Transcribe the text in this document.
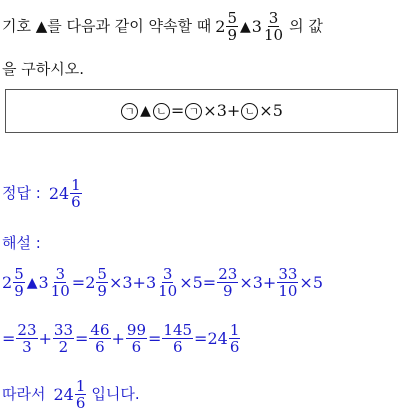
기호 ▲를 다음과 같이 약속할 때 $2 \frac{5}{9}$ ▲ $3 \frac{3}{10}$ 의 값
을 구하시오.
ㄱ ▲ ㄴ = ㄱ × 3 + ㄴ × 5
정답 : $24 \frac{1}{6}$
해설 :
$2 \frac{5}{9}$ ▲ $3 \frac{3}{10} = 2 \frac{5}{9} \times 3+ 3 \frac{3}{10} \times 5= \frac{23}{9} \times 3+ \frac{33}{10} \times 5$
= $\frac{23}{3} + \frac{33}{2} = \frac{46}{6} + \frac{99}{6} = \frac{145}{6} = 24 \frac{1}{6}$
따라서 $24 \frac{1}{6}$ 입니다.
